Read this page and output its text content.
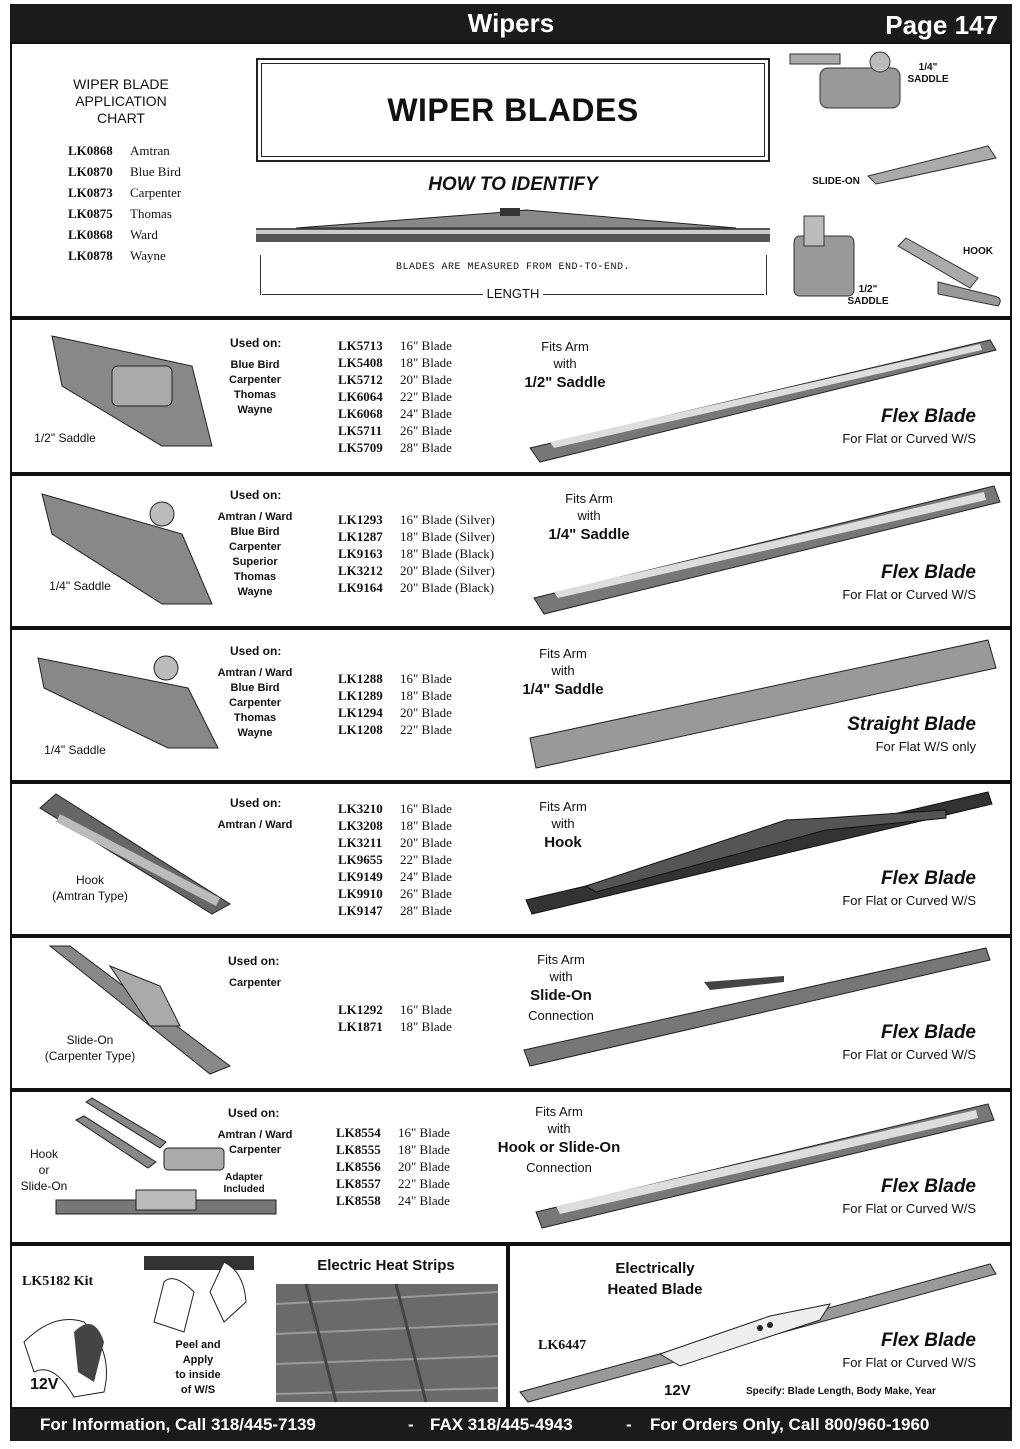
Wipers	Page 147
WIPER BLADE
APPLICATION
CHART
LK0868 Amtran
LK0870 Blue Bird
LK0873 Carpenter
LK0875 Thomas
LK0868 Ward
LK0878 Wayne
WIPER BLADES
HOW TO IDENTIFY
BLADES ARE MEASURED FROM END-TO-END.
LENGTH
1/4"
SADDLE
SLIDE-ON
1/2"
SADDLE
HOOK
1/2" Saddle
Used on:
Blue Bird
Carpenter
Thomas
Wayne
LK5713 16" Blade
LK5408 18" Blade
LK5712 20" Blade
LK6064 22" Blade
LK6068 24" Blade
LK5711 26" Blade
LK5709 28" Blade
Fits Arm
with
1/2" Saddle
Flex Blade
For Flat or Curved W/S
1/4" Saddle
Used on:
Amtran / Ward
Blue Bird
Carpenter
Superior
Thomas
Wayne
LK1293 16" Blade (Silver)
LK1287 18" Blade (Silver)
LK9163 18" Blade (Black)
LK3212 20" Blade (Silver)
LK9164 20" Blade (Black)
Fits Arm
with
1/4" Saddle
Flex Blade
For Flat or Curved W/S
1/4" Saddle
Used on:
Amtran / Ward
Blue Bird
Carpenter
Thomas
Wayne
LK1288 16" Blade
LK1289 18" Blade
LK1294 20" Blade
LK1208 22" Blade
Fits Arm
with
1/4" Saddle
Straight Blade
For Flat W/S only
Hook
(Amtran Type)
Used on:
Amtran / Ward
LK3210 16" Blade
LK3208 18" Blade
LK3211 20" Blade
LK9655 22" Blade
LK9149 24" Blade
LK9910 26" Blade
LK9147 28" Blade
Fits Arm
with
Hook
Flex Blade
For Flat or Curved W/S
Slide-On
(Carpenter Type)
Used on:
Carpenter
LK1292 16" Blade
LK1871 18" Blade
Fits Arm
with
Slide-On
Connection
Flex Blade
For Flat or Curved W/S
Hook
or
Slide-On
Adapter
Included
Used on:
Amtran / Ward
Carpenter
LK8554 16" Blade
LK8555 18" Blade
LK8556 20" Blade
LK8557 22" Blade
LK8558 24" Blade
Fits Arm
with
Hook or Slide-On
Connection
Flex Blade
For Flat or Curved W/S
LK5182 Kit
12V
Peel and
Apply
to inside
of W/S
Electric Heat Strips	Electrically
Heated Blade
LK6447	Flex Blade
For Flat or Curved W/S
12V	Specify: Blade Length, Body Make, Year
For Information, Call 318/445-7139	- FAX 318/445-4943	- For Orders Only, Call 800/960-1960
